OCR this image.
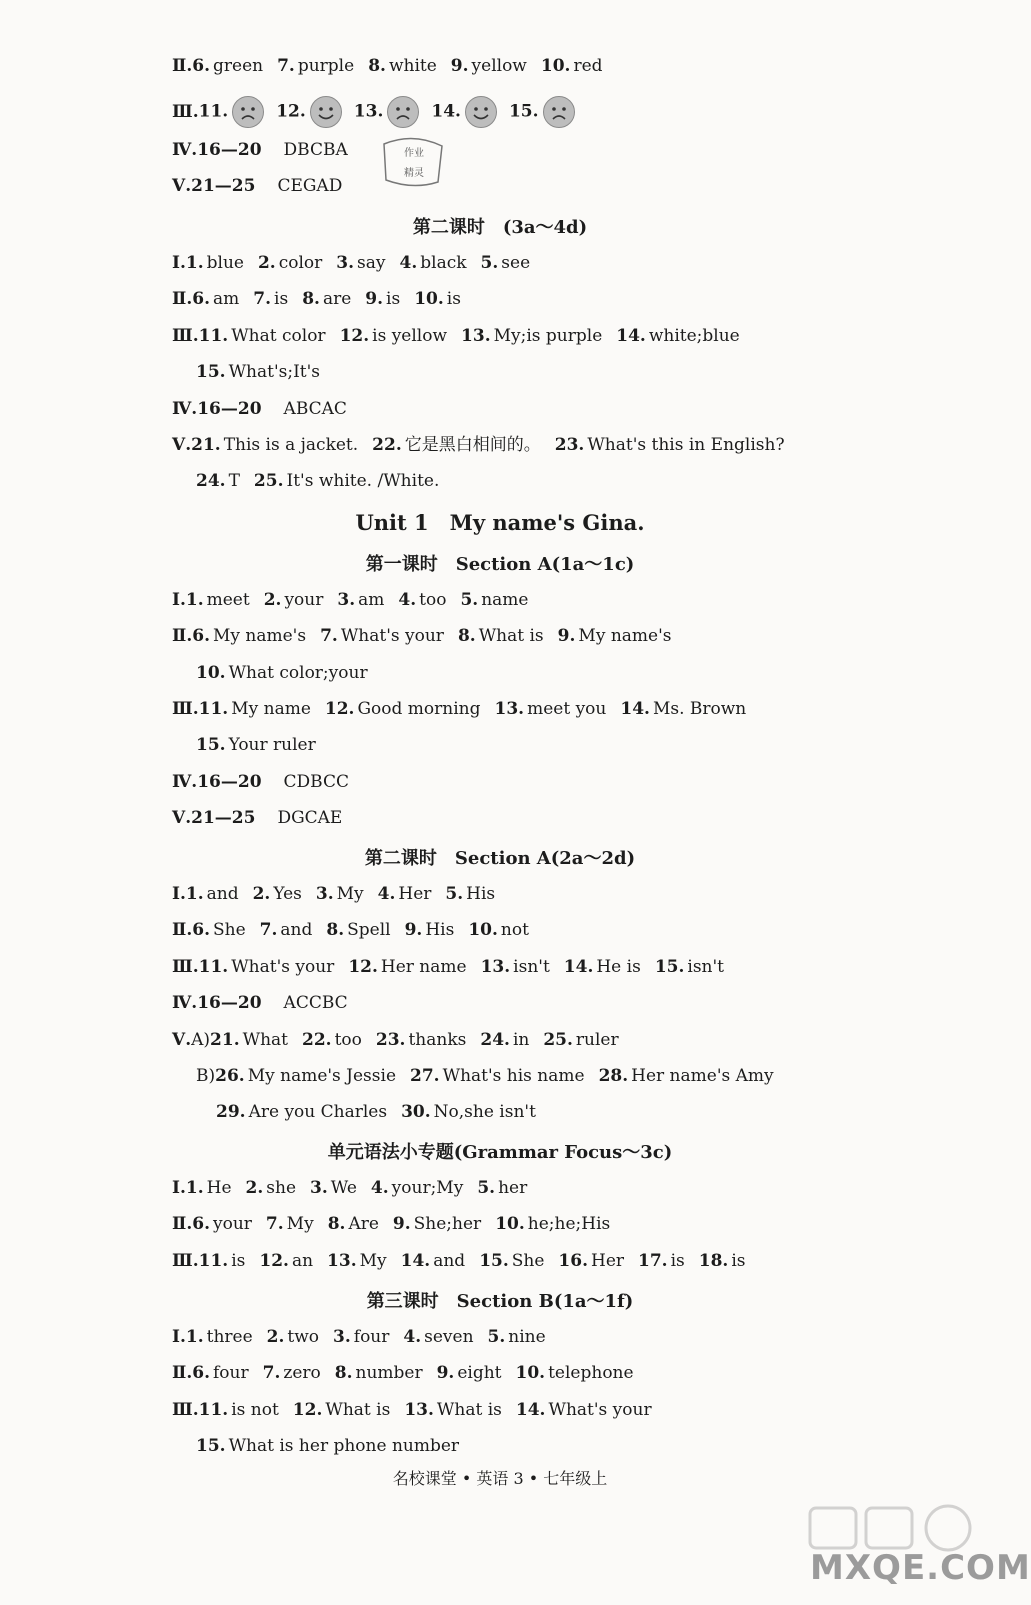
Ⅱ.6. green 7. purple 8. white 9. yellow 10. red
Ⅲ.11.	12.	13.	14.	15.
Ⅳ.16—20 DBCBA
Ⅴ.21—25 CEGAD
作业
精灵
第二课时　(3a～4d)
Ⅰ.1. blue 2. color 3. say 4. black 5. see
Ⅱ.6. am 7. is 8. are 9. is 10. is
Ⅲ.11. What color 12. is yellow 13. My;is purple 14. white;blue
15. What's;It's
Ⅳ.16—20 ABCAC
Ⅴ.21. This is a jacket. 22. 它是黑白相间的。 23. What's this in English?
24. T 25. It's white. /White.
Unit 1　My name's Gina.
第一课时　Section A(1a～1c)
Ⅰ.1. meet 2. your 3. am 4. too 5. name
Ⅱ.6. My name's 7. What's your 8. What is 9. My name's
10. What color;your
Ⅲ.11. My name 12. Good morning 13. meet you 14. Ms. Brown
15. Your ruler
Ⅳ.16—20 CDBCC
Ⅴ.21—25 DGCAE
第二课时　Section A(2a～2d)
Ⅰ.1. and 2. Yes 3. My 4. Her 5. His
Ⅱ.6. She 7. and 8. Spell 9. His 10. not
Ⅲ.11. What's your 12. Her name 13. isn't 14. He is 15. isn't
Ⅳ.16—20 ACCBC
Ⅴ.A)21. What 22. too 23. thanks 24. in 25. ruler
B)26. My name's Jessie 27. What's his name 28. Her name's Amy
29. Are you Charles 30. No,she isn't
单元语法小专题(Grammar Focus～3c)
Ⅰ.1. He 2. she 3. We 4. your;My 5. her
Ⅱ.6. your 7. My 8. Are 9. She;her 10. he;he;His
Ⅲ.11. is 12. an 13. My 14. and 15. She 16. Her 17. is 18. is
第三课时　Section B(1a～1f)
Ⅰ.1. three 2. two 3. four 4. seven 5. nine
Ⅱ.6. four 7. zero 8. number 9. eight 10. telephone
Ⅲ.11. is not 12. What is 13. What is 14. What's your
15. What is her phone number
名校课堂 • 英语 3 • 七年级上
MXQE.COM
